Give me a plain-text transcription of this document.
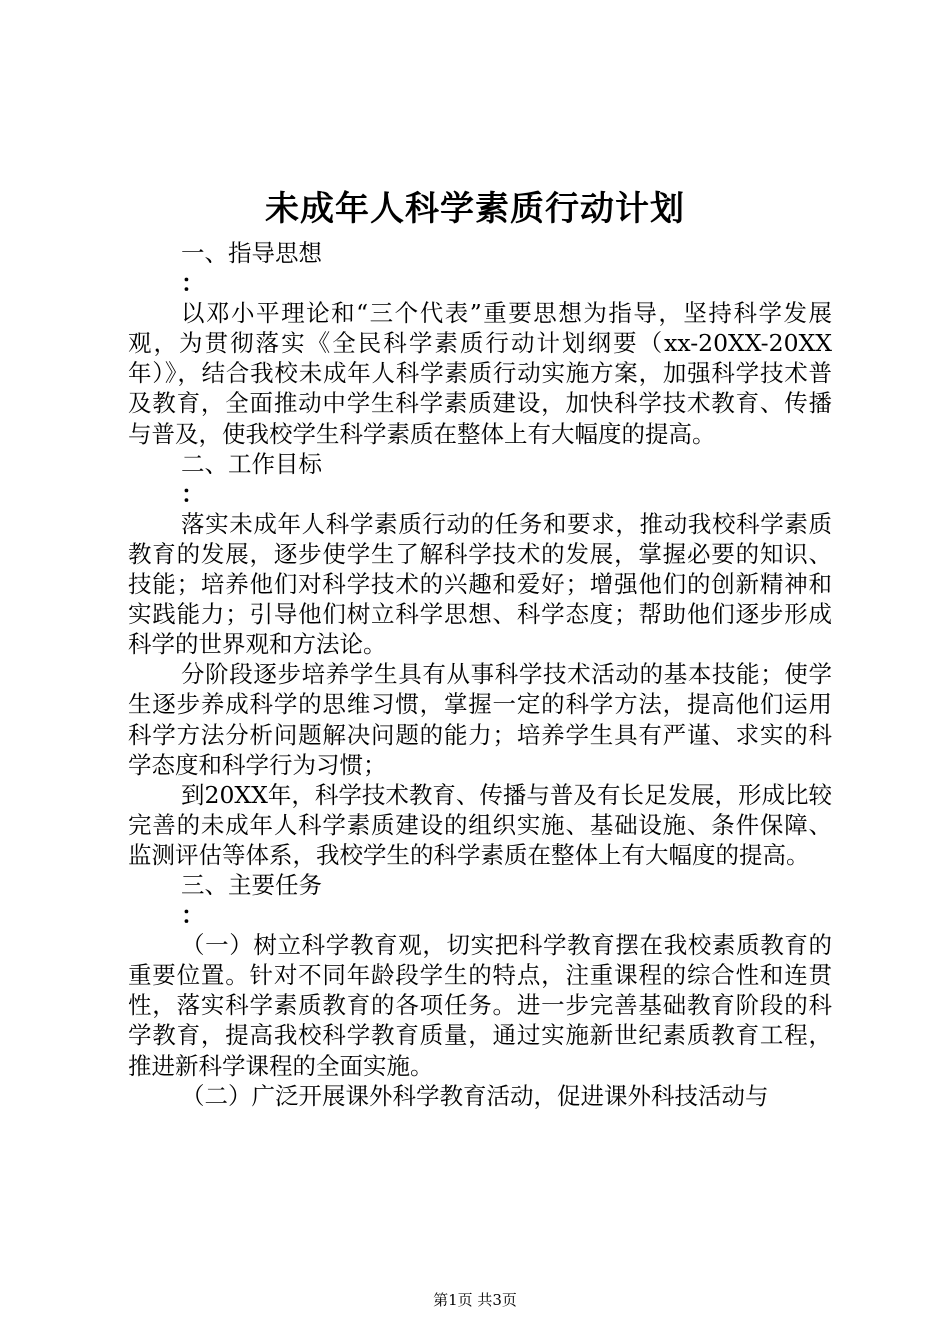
未成年人科学素质行动计划

一、指导思想

：

以邓小平理论和“三个代表”重要思想为指导，坚持科学发展观，为贯彻落实《全民科学素质行动计划纲要（xx-20XX-20XX年）》，结合我校未成年人科学素质行动实施方案，加强科学技术普及教育，全面推动中学生科学素质建设，加快科学技术教育、传播与普及，使我校学生科学素质在整体上有大幅度的提高。

二、工作目标

：

落实未成年人科学素质行动的任务和要求，推动我校科学素质教育的发展，逐步使学生了解科学技术的发展，掌握必要的知识、技能；培养他们对科学技术的兴趣和爱好；增强他们的创新精神和实践能力；引导他们树立科学思想、科学态度；帮助他们逐步形成科学的世界观和方法论。

分阶段逐步培养学生具有从事科学技术活动的基本技能；使学生逐步养成科学的思维习惯，掌握一定的科学方法，提高他们运用科学方法分析问题解决问题的能力；培养学生具有严谨、求实的科学态度和科学行为习惯；

到20XX年，科学技术教育、传播与普及有长足发展，形成比较完善的未成年人科学素质建设的组织实施、基础设施、条件保障、监测评估等体系，我校学生的科学素质在整体上有大幅度的提高。

三、主要任务

：

（一）树立科学教育观，切实把科学教育摆在我校素质教育的重要位置。针对不同年龄段学生的特点，注重课程的综合性和连贯性，落实科学素质教育的各项任务。进一步完善基础教育阶段的科学教育，提高我校科学教育质量，通过实施新世纪素质教育工程，推进新科学课程的全面实施。

（二）广泛开展课外科学教育活动，促进课外科技活动与

第1页 共3页
